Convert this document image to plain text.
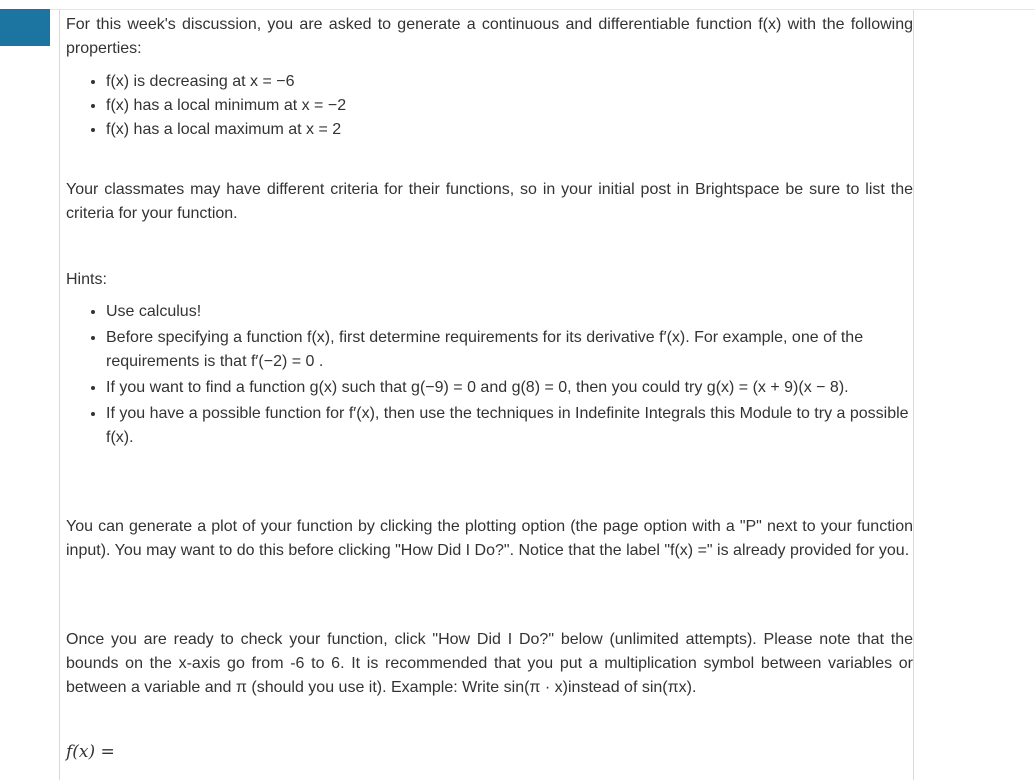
For this week's discussion, you are asked to generate a continuous and differentiable function f(x) with the following properties:

• f(x) is decreasing at x = −6
• f(x) has a local minimum at x = −2
• f(x) has a local maximum at x = 2

Your classmates may have different criteria for their functions, so in your initial post in Brightspace be sure to list the criteria for your function.

Hints:

• Use calculus!
• Before specifying a function f(x), first determine requirements for its derivative f′(x). For example, one of the requirements is that f′(−2) = 0 .
• If you want to find a function g(x) such that g(−9) = 0 and g(8) = 0, then you could try g(x) = (x + 9)(x − 8).
• If you have a possible function for f′(x), then use the techniques in Indefinite Integrals this Module to try a possible f(x).

You can generate a plot of your function by clicking the plotting option (the page option with a "P" next to your function input). You may want to do this before clicking "How Did I Do?". Notice that the label "f(x) =" is already provided for you.

Once you are ready to check your function, click "How Did I Do?" below (unlimited attempts). Please note that the bounds on the x-axis go from -6 to 6. It is recommended that you put a multiplication symbol between variables or between a variable and π (should you use it). Example: Write sin(π · x)instead of sin(πx).

f(x) =
